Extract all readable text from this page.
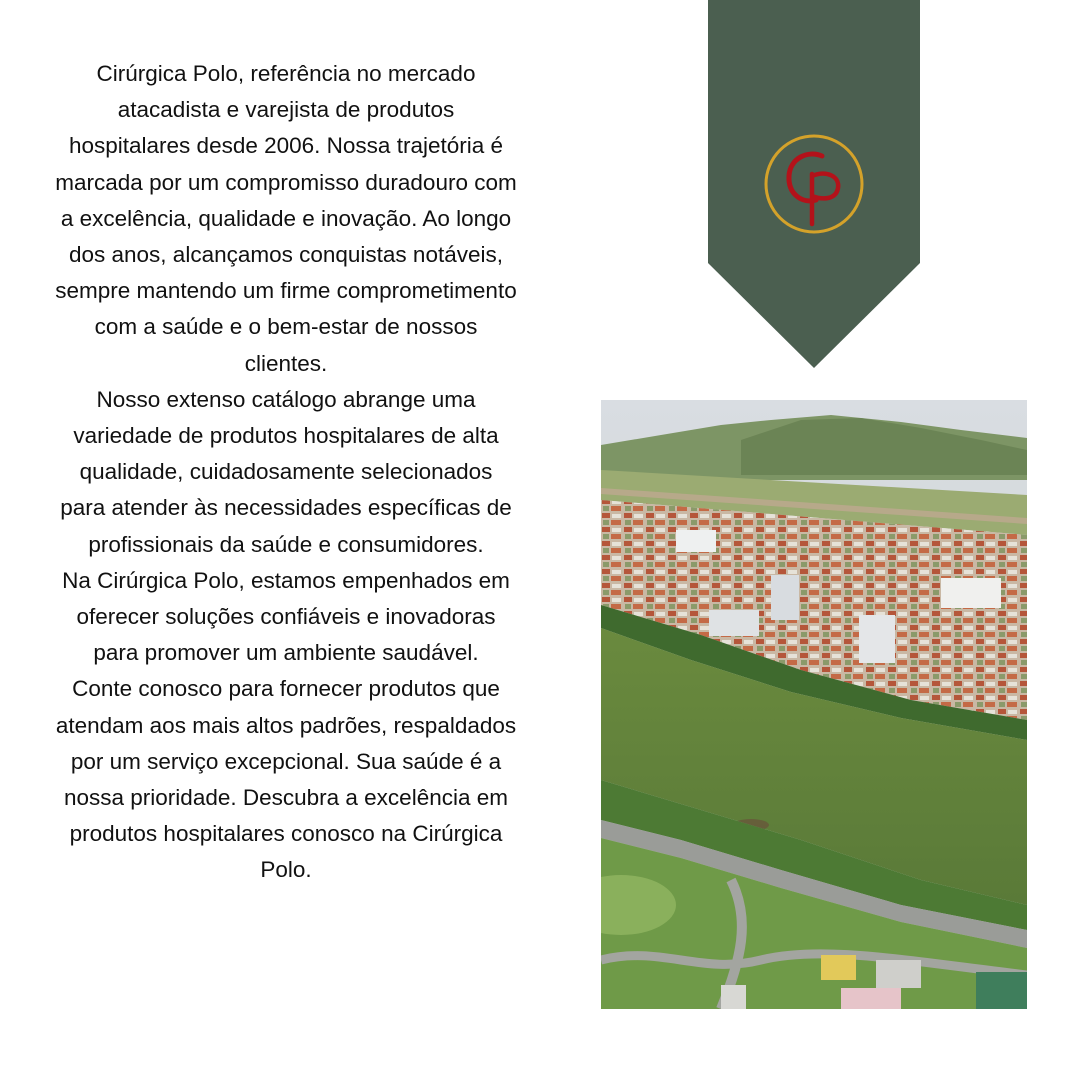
Cirúrgica Polo, referência no mercado atacadista e varejista de produtos hospitalares desde 2006. Nossa trajetória é marcada por um compromisso duradouro com a excelência, qualidade e inovação. Ao longo dos anos, alcançamos conquistas notáveis, sempre mantendo um firme comprometimento com a saúde e o bem-estar de nossos clientes.

Nosso extenso catálogo abrange uma variedade de produtos hospitalares de alta qualidade, cuidadosamente selecionados para atender às necessidades específicas de profissionais da saúde e consumidores.

Na Cirúrgica Polo, estamos empenhados em oferecer soluções confiáveis e inovadoras para promover um ambiente saudável.

Conte conosco para fornecer produtos que atendam aos mais altos padrões, respaldados por um serviço excepcional. Sua saúde é a nossa prioridade. Descubra a excelência em produtos hospitalares conosco na Cirúrgica Polo.
